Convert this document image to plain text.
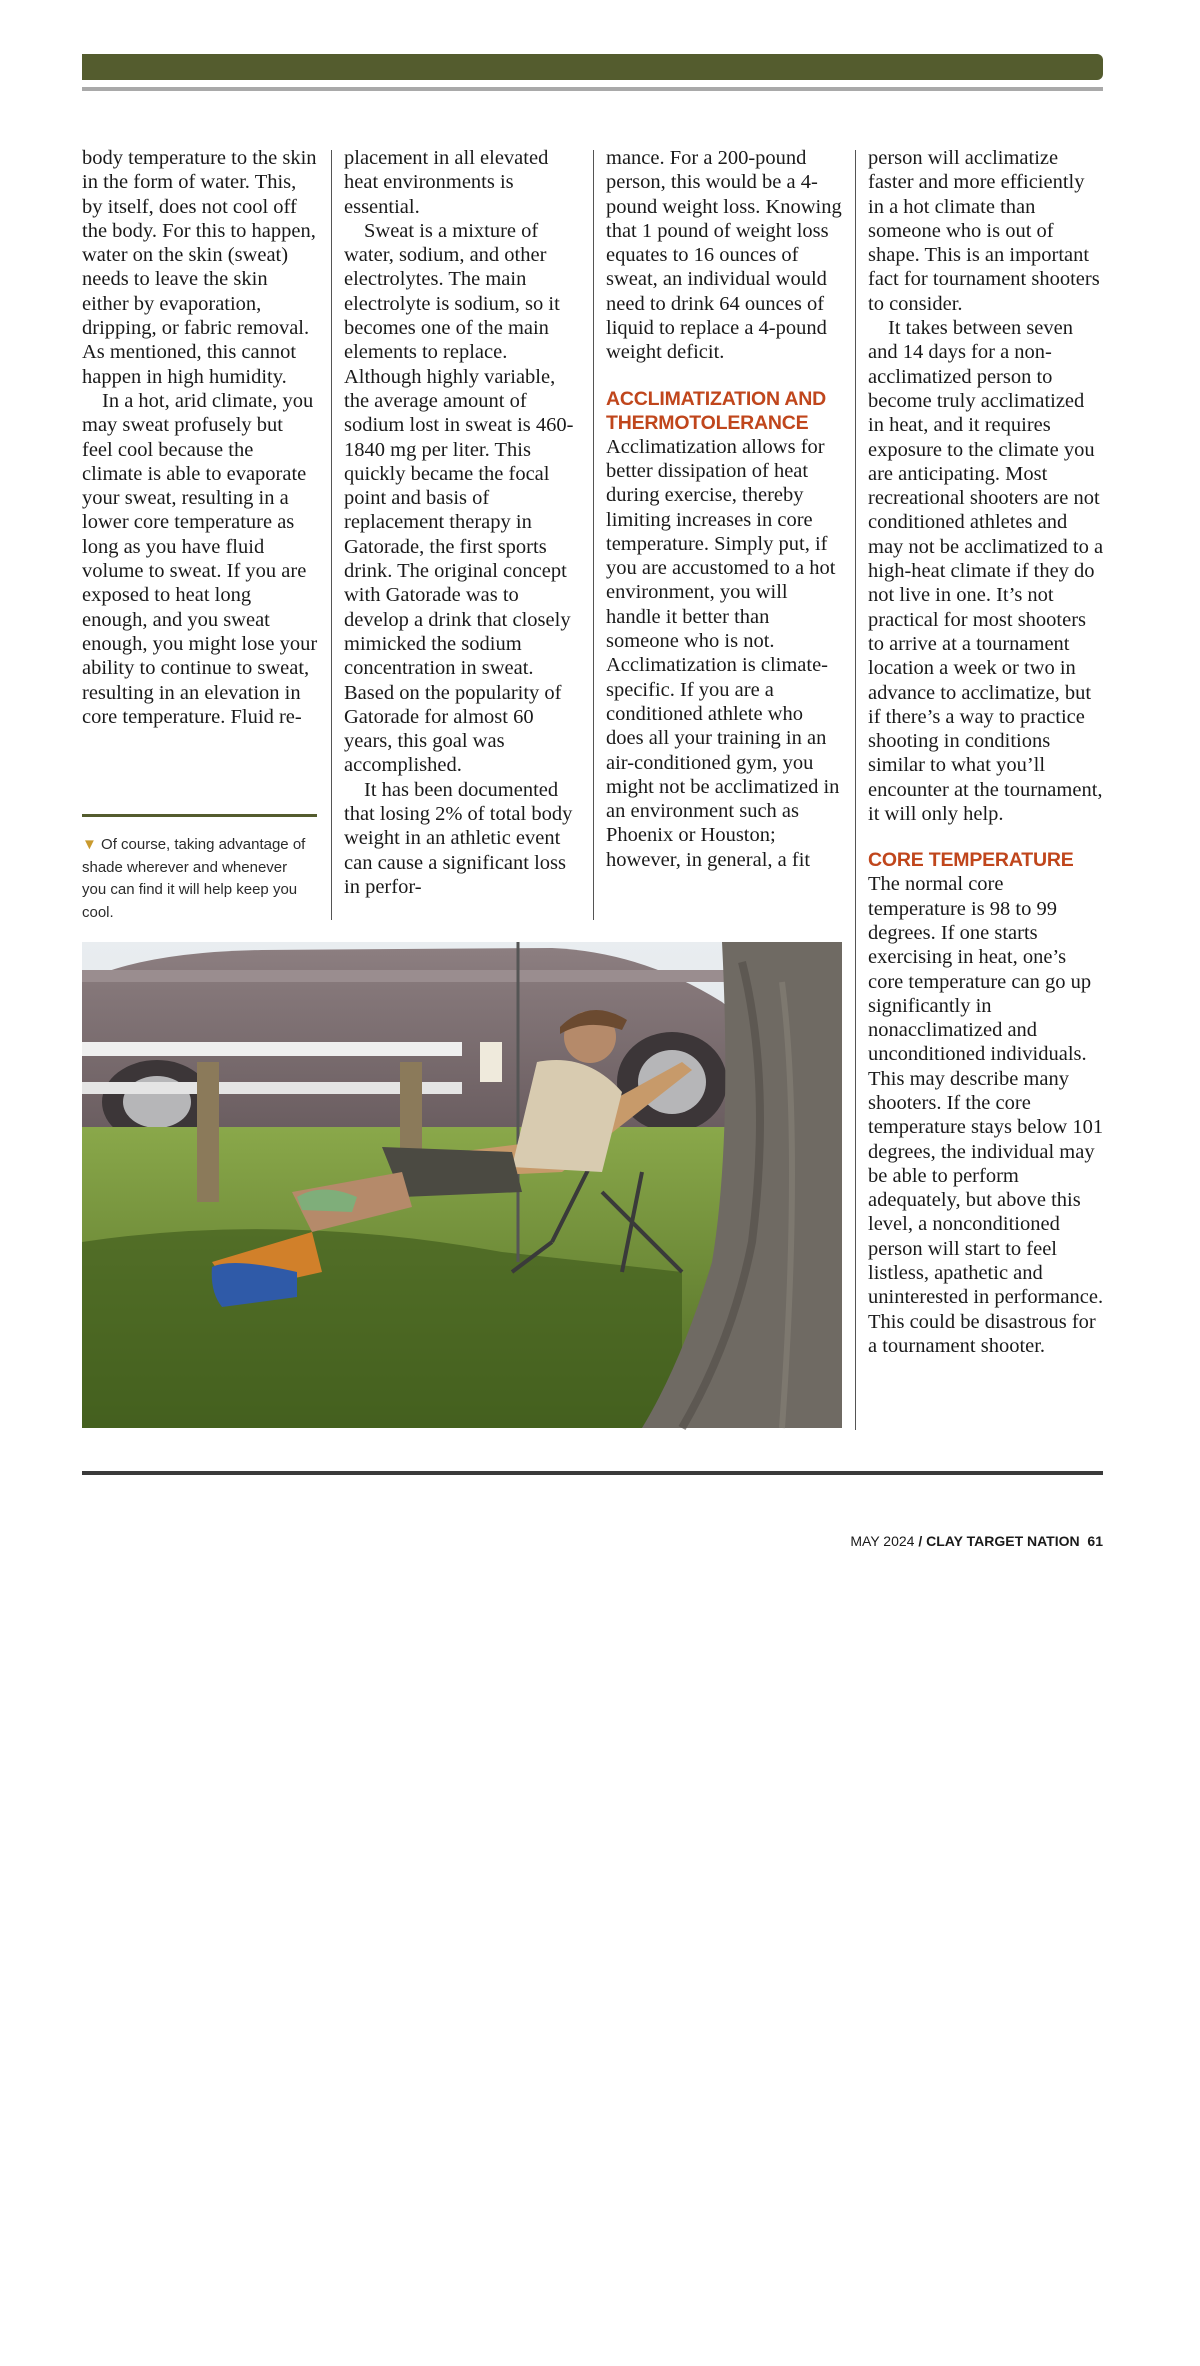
body temperature to the skin in the form of water. This, by itself, does not cool off the body. For this to happen, water on the skin (sweat) needs to leave the skin either by evaporation, dripping, or fabric removal. As mentioned, this cannot happen in high humidity.

In a hot, arid climate, you may sweat profusely but feel cool because the climate is able to evaporate your sweat, resulting in a lower core temperature as long as you have fluid volume to sweat. If you are exposed to heat long enough, and you sweat enough, you might lose your ability to continue to sweat, resulting in an elevation in core temperature. Fluid re-

▼ Of course, taking advantage of shade wherever and whenever you can find it will help keep you cool.

placement in all elevated heat environments is essential.

Sweat is a mixture of water, sodium, and other electrolytes. The main electrolyte is sodium, so it becomes one of the main elements to replace. Although highly variable, the average amount of sodium lost in sweat is 460-1840 mg per liter. This quickly became the focal point and basis of replacement therapy in Gatorade, the first sports drink. The original concept with Gatorade was to develop a drink that closely mimicked the sodium concentration in sweat. Based on the popularity of Gatorade for almost 60 years, this goal was accomplished.

It has been documented that losing 2% of total body weight in an athletic event can cause a significant loss in perfor-

mance. For a 200-pound person, this would be a 4-pound weight loss. Knowing that 1 pound of weight loss equates to 16 ounces of sweat, an individual would need to drink 64 ounces of liquid to replace a 4-pound weight deficit.

ACCLIMATIZATION AND THERMOTOLERANCE

Acclimatization allows for better dissipation of heat during exercise, thereby limiting increases in core temperature. Simply put, if you are accustomed to a hot environment, you will handle it better than someone who is not. Acclimatization is climate-specific. If you are a conditioned athlete who does all your training in an air-conditioned gym, you might not be acclimatized in an environment such as Phoenix or Houston; however, in general, a fit

person will acclimatize faster and more efficiently in a hot climate than someone who is out of shape. This is an important fact for tournament shooters to consider.

It takes between seven and 14 days for a non-acclimatized person to become truly acclimatized in heat, and it requires exposure to the climate you are anticipating. Most recreational shooters are not conditioned athletes and may not be acclimatized to a high-heat climate if they do not live in one. It’s not practical for most shooters to arrive at a tournament location a week or two in advance to acclimatize, but if there’s a way to practice shooting in conditions similar to what you’ll encounter at the tournament, it will only help.

CORE TEMPERATURE

The normal core temperature is 98 to 99 degrees. If one starts exercising in heat, one’s core temperature can go up significantly in nonacclimatized and unconditioned individuals. This may describe many shooters. If the core temperature stays below 101 degrees, the individual may be able to perform adequately, but above this level, a nonconditioned person will start to feel listless, apathetic and uninterested in performance. This could be disastrous for a tournament shooter.

JENNIFER WILSON
MAY 2024 / CLAY TARGET NATION 61
